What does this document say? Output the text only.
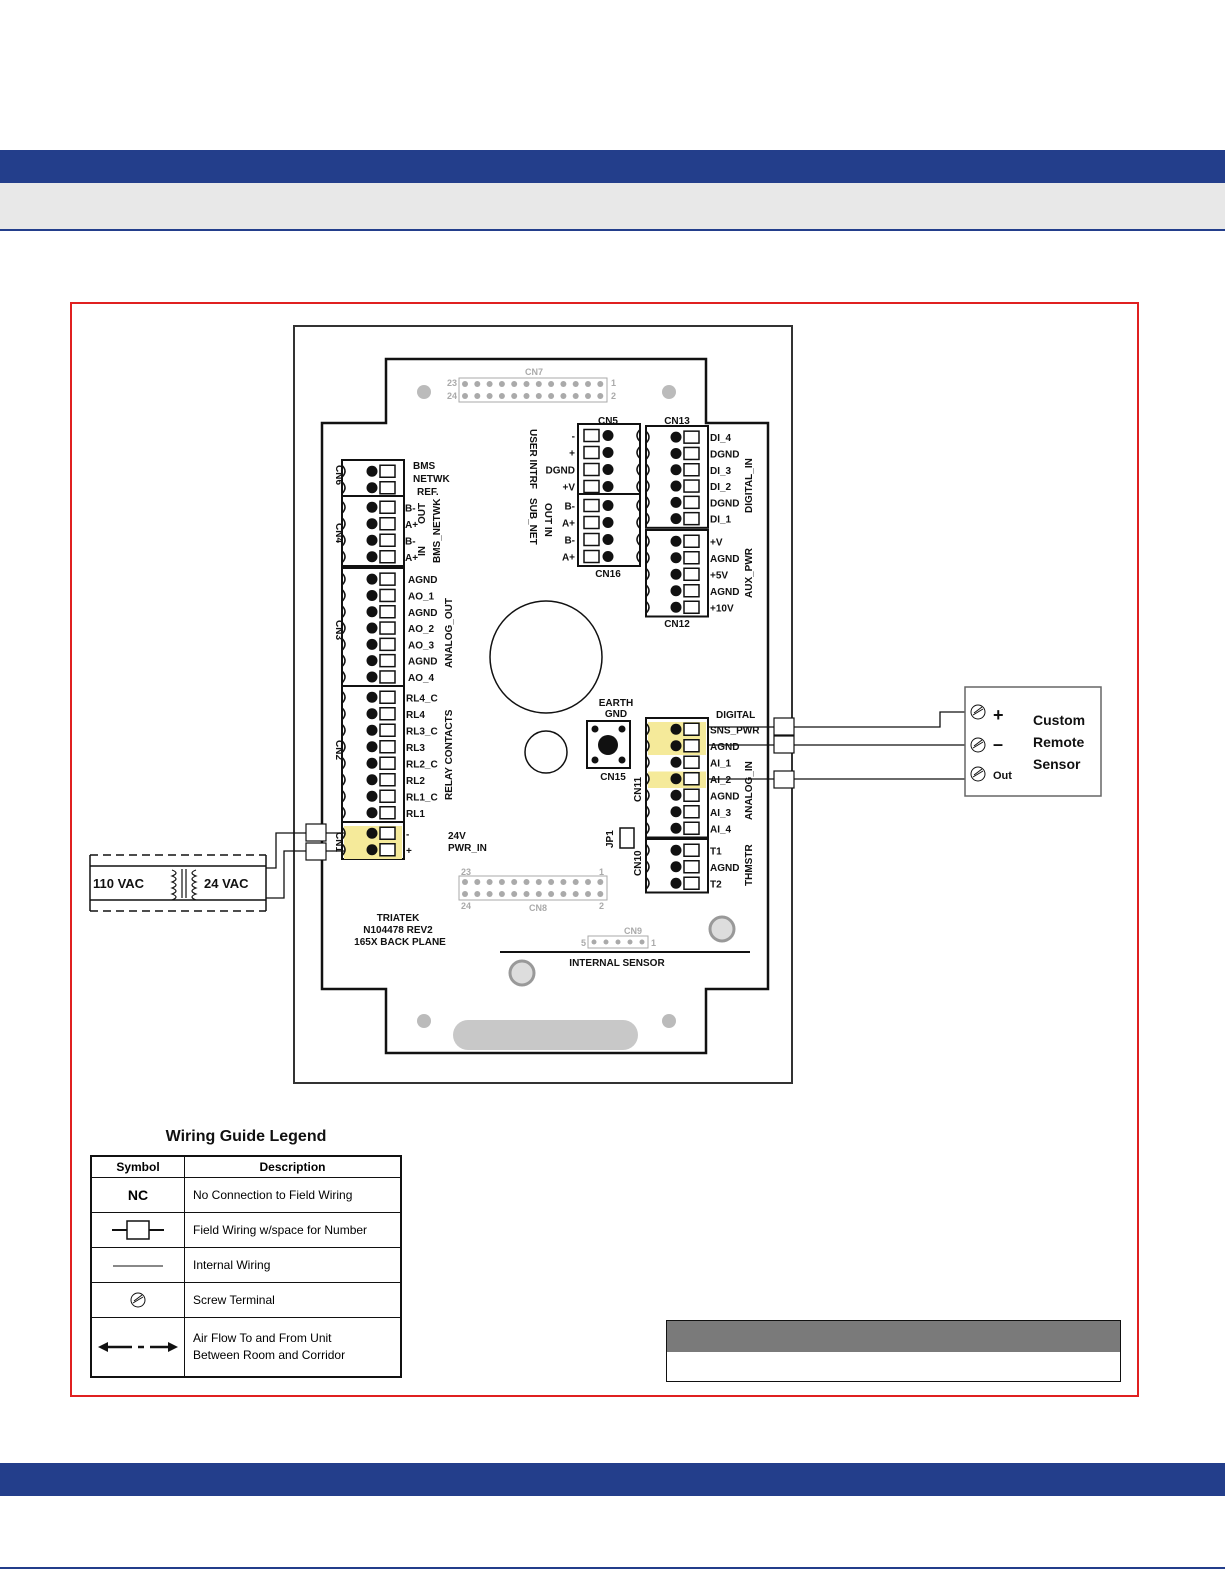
CN7
23
24
1
2
CN8
23
24
1
2
CN9
5	1
INTERNAL SENSOR
TRIATEK
N104478 REV2
165X BACK PLANE
EARTH
GND
CN15
JP1
B-
A+
B-
A+
AGND
AO_1
AGND
AO_2
AO_3
AGND
AO_4
RL4_C
RL4
RL3_C
RL3
RL2_C
RL2
RL1_C
RL1
-
+
-
+
DGND
+V
B-
A+
B-
A+
DI_4
DGND
DI_3
DI_2
DGND
DI_1
+V
AGND
+5V
AGND
+10V
SNS_PWR
AGND
AI_1
AI_2
AGND
AI_3
AI_4
T1
AGND
T2
CN5
CN16
CN13
CN12
CN6
CN4
CN3
CN2
CN1
BMS
NETWK
REF.
BMS_NETWK
OUT
IN
ANALOG_OUT
RELAY CONTACTS
24V
PWR_IN
USER INTRF
SUB_NET OUT IN
DIGITAL_IN
AUX_PWR
DIGITAL
ANALOG_IN
THMSTR
CN11
CN10
+
–
Out
Custom
Remote
Sensor
110 VAC	24 VAC
Wiring Guide Legend
Symbol	Description
NC	No Connection to Field Wiring
	Field Wiring w/space for Number
	Internal Wiring
	Screw Terminal
	Air Flow To and From Unit
Between Room and Corridor
